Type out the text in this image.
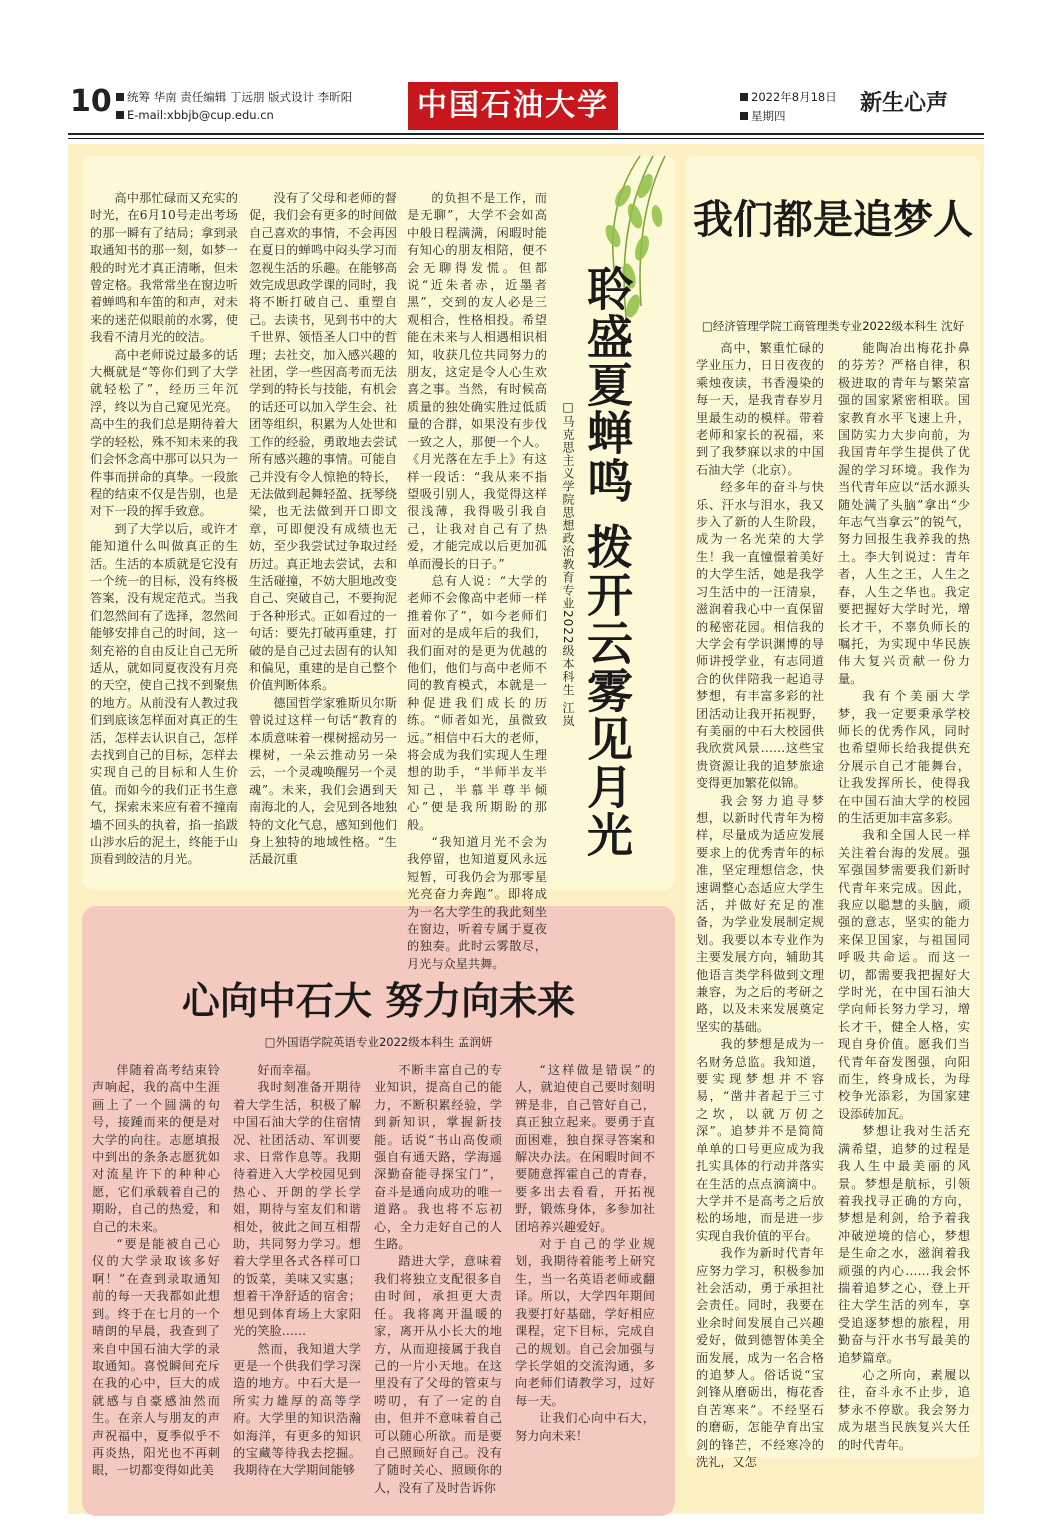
10	统筹 华南 责任编辑 丁远朋 版式设计 李昕阳
E-mail:xbbjb@cup.edu.cn	中国石油大学	2022年8月18日
星期四	新生心声
聆盛夏蝉鸣 拨开云雾见月光
□马克思主义学院思想政治教育专业2022级本科生 江岚

高中那忙碌而又充实的时光，在6月10号走出考场的那一瞬有了结局；拿到录取通知书的那一刻，如梦一般的时光才真正清晰，但未曾定格。我常常坐在窗边听着蝉鸣和车笛的和声，对未来的迷茫似眼前的水雾，使我看不清月光的皎洁。

高中老师说过最多的话大概就是“等你们到了大学就轻松了”，经历三年沉浮，终以为自己窥见光亮。高中生的我们总是期待着大学的轻松，殊不知未来的我们会怀念高中那可以只为一件事而拼命的真挚。一段旅程的结束不仅是告别，也是对下一段的挥手致意。

到了大学以后，或许才能知道什么叫做真正的生活。生活的本质就是它没有一个统一的目标，没有终极答案，没有规定范式。当我们忽然间有了选择，忽然间能够安排自己的时间，这一刻充裕的自由反让自己无所适从，就如同夏夜没有月亮的天空，使自己找不到聚焦的地方。从前没有人教过我们到底该怎样面对真正的生活，怎样去认识自己，怎样去找到自己的目标，怎样去实现自己的目标和人生价值。而如今的我们正书生意气，探索未来应有着不撞南墙不回头的执着，掐一掐跋山涉水后的泥土，终能于山顶看到皎洁的月光。

没有了父母和老师的督促，我们会有更多的时间做自己喜欢的事情，不会再因在夏日的蝉鸣中闷头学习而忽视生活的乐趣。在能够高效完成思政学课的同时，我将不断打破自己、重塑自己。去读书，见到书中的大千世界、领悟圣人口中的哲理；去社交，加入感兴趣的社团，学一些因高考而无法学到的特长与技能，有机会的话还可以加入学生会、社团等组织，积累为人处世和工作的经验，勇敢地去尝试所有感兴趣的事情。可能自己并没有令人惊艳的特长，无法做到起舞轻盈、抚琴绕梁，也无法做到开口即文章，可即便没有成绩也无妨，至少我尝试过争取过经历过。真正地去尝试，去和生活碰撞，不妨大胆地改变自己、突破自己，不要拘泥于各种形式。正如看过的一句话：要先打破再重建，打破的是自己过去固有的认知和偏见，重建的是自己整个价值判断体系。

德国哲学家雅斯贝尔斯曾说过这样一句话“教育的本质意味着一棵树摇动另一棵树，一朵云推动另一朵云，一个灵魂唤醒另一个灵魂”。未来，我们会遇到天南海北的人，会见到各地独特的文化气息，感知到他们身上独特的地域性格。“生活最沉重

的负担不是工作，而是无聊”，大学不会如高中般日程满满，闲暇时能有知心的朋友相陪，便不会无聊得发慌。但都说“近朱者赤，近墨者黑”，交到的友人必是三观相合，性格相投。希望能在未来与人相遇相识相知，收获几位共同努力的朋友，这定是令人心生欢喜之事。当然，有时候高质量的独处确实胜过低质量的合群，如果没有步伐一致之人，那便一个人。《月光落在左手上》有这样一段话：“我从来不指望吸引别人，我觉得这样很浅薄，我得吸引我自己，让我对自己有了热爱，才能完成以后更加孤单而漫长的日子。”

总有人说：“大学的老师不会像高中老师一样推着你了”，如今老师们面对的是成年后的我们，我们面对的是更为优越的他们，他们与高中老师不同的教育模式，本就是一种促进我们成长的历练。“师者如光，虽微致远。”相信中石大的老师，将会成为我们实现人生理想的助手，“半师半友半知己，半慕半尊半倾心”便是我所期盼的那般。

“我知道月光不会为我停留，也知道夏风永远短暂，可我仍会为那零星光亮奋力奔跑”。即将成为一名大学生的我此刻坐在窗边，听着专属于夏夜的独奏。此时云雾散尽，月光与众星共舞。

心向中石大 努力向未来
□外国语学院英语专业2022级本科生 孟润妍

伴随着高考结束铃声响起，我的高中生涯画上了一个圆满的句号，接踵而来的便是对大学的向往。志愿填报中到出的条条志愿犹如对流星许下的种种心愿，它们承载着自己的期盼，自己的热爱，和自己的未来。

“要是能被自己心仪的大学录取该多好啊！”在查到录取通知前的每一天我都如此想到。终于在七月的一个晴朗的早晨，我查到了来自中国石油大学的录取通知。喜悦瞬间充斥在我的心中，巨大的成就感与自豪感油然而生。在亲人与朋友的声声祝福中，夏季似乎不再炎热，阳光也不再刺眼，一切都变得如此美

好而幸福。

我时刻准备开期待着大学生活，积极了解中国石油大学的住宿情况、社团活动、军训要求、日常作息等。我期待着进入大学校园见到热心、开朗的学长学姐，期待与室友们和谐相处，彼此之间互相帮助，共同努力学习。想着大学里各式各样可口的饭菜，美味又实惠；想着干净舒适的宿舍；想见到体育场上大家阳光的笑脸……

然而，我知道大学更是一个供我们学习深造的地方。中石大是一所实力雄厚的高等学府。大学里的知识浩瀚如海洋，有更多的知识的宝藏等待我去挖掘。我期待在大学期间能够

不断丰富自己的专业知识，提高自己的能力，不断积累经验，学到新知识，掌握新技能。话说“书山高俊顽强自有通天路，学海遥深勤奋能寻探宝门”，奋斗是通向成功的唯一道路。我也将不忘初心，全力走好自己的人生路。

踏进大学，意味着我们将独立支配很多自由时间，承担更大责任。我将离开温暖的家，离开从小长大的地方，从而迎接属于我自己的一片小天地。在这里没有了父母的管束与唠叨，有了一定的自由，但并不意味着自己可以随心所欲。而是要自己照顾好自己。没有了随时关心、照顾你的人，没有了及时告诉你

“这样做是错误”的人，就迫使自己要时刻明辨是非，自己管好自己，真正独立起来。要勇于直面困难，独自探寻答案和解决办法。在闲暇时间不要随意挥霍自己的青春，要多出去看看，开拓视野，锻炼身体，多参加社团培养兴趣爱好。

对于自己的学业规划，我期待着能考上研究生，当一名英语老师或翻译。所以，大学四年期间我要打好基础，学好相应课程，定下目标，完成自己的规划。自己会加强与学长学姐的交流沟通，多向老师们请教学习，过好每一天。

让我们心向中石大，努力向未来！

我们都是追梦人
□经济管理学院工商管理类专业2022级本科生 沈好

高中，繁重忙碌的学业压力，日日夜夜的乘烛夜读，书香漫染的每一天，是我青春岁月里最生动的模样。带着老师和家长的祝福，来到了我梦寐以求的中国石油大学（北京）。

经多年的奋斗与快乐、汗水与泪水，我又步入了新的人生阶段，成为一名光荣的大学生！我一直憧憬着美好的大学生活，她是我学习生活中的一汪清泉，滋润着我心中一直保留的秘密花园。相信我的大学会有学识渊博的导师讲授学业，有志同道合的伙伴陪我一起追寻梦想，有丰富多彩的社团活动让我开拓视野，有美丽的中石大校园供我欣赏风景……这些宝贵资源让我的追梦旅途变得更加繁花似锦。

我会努力追寻梦想，以新时代青年为榜样，尽量成为适应发展要求上的优秀青年的标准，坚定理想信念，快速调整心态适应大学生活，并做好充足的准备，为学业发展制定规划。我要以本专业作为主要发展方向，辅助其他语言类学科做到文理兼容，为之后的考研之路，以及未来发展奠定坚实的基础。

我的梦想是成为一名财务总监。我知道，要实现梦想并不容易，“凿井者起于三寸之坎，以就万仞之深”。追梦并不是简简单单的口号更应成为我扎实具体的行动并落实在生活的点点滴滴中。大学并不是高考之后放松的场地，而是进一步实现自我价值的平台。

我作为新时代青年应努力学习，积极参加社会活动，勇于承担社会责任。同时，我要在业余时间发展自己兴趣爱好，做到德智体美全面发展，成为一名合格的追梦人。俗话说“宝剑锋从磨砺出，梅花香自苦寒来”。不经坚石的磨砺，怎能孕育出宝剑的锋芒，不经寒冷的洗礼，又怎

能陶冶出梅花扑鼻的芬芳？严格自律，积极进取的青年与繁荣富强的国家紧密相联。国家教育水平飞速上升，国防实力大步向前，为我国青年学生提供了优渥的学习环境。我作为当代青年应以“活水源头随处满了头脑”拿出“少年志气当拿云”的锐气，努力回报生我养我的热土。李大钊说过：青年者，人生之王，人生之春，人生之华也。我定要把握好大学时光，增长才干，不辜负师长的嘱托，为实现中华民族伟大复兴贡献一份力量。

我有个美丽大学梦，我一定要秉承学校师长的优秀作风，同时也希望师长给我提供充分展示自己才能舞台，让我发挥所长，使得我在中国石油大学的校园的生活更加丰富多彩。

我和全国人民一样关注着台海的发展。强军强国梦需要我们新时代青年来完成。因此，我应以聪慧的头脑，顽强的意志，坚实的能力来保卫国家，与祖国同呼吸共命运。而这一切，都需要我把握好大学时光，在中国石油大学向师长努力学习，增长才干，健全人格，实现自身价值。愿我们当代青年奋发图强，向阳而生，终身成长，为母校争光添彩，为国家建设添砖加瓦。

梦想让我对生活充满希望，追梦的过程是我人生中最美丽的风景。梦想是航标，引领着我找寻正确的方向，梦想是利剑，给予着我冲破逆境的信心，梦想是生命之水，滋润着我顽强的内心……我会怀揣着追梦之心，登上开往大学生活的列车，享受追逐梦想的旅程，用勤奋与汗水书写最美的追梦篇章。

心之所向，素履以往，奋斗永不止步，追梦永不停歇。我会努力成为堪当民族复兴大任的时代青年。
